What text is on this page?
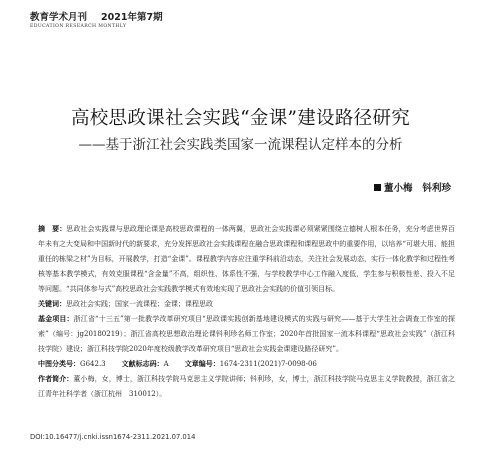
教育学术月刊 2021年第7期
EDUCATION RESEARCH MONTHLY
高校思政课社会实践“金课”建设路径研究
——基于浙江社会实践类国家一流课程认定样本的分析
董小梅 钭利珍

摘　要：思政社会实践课与思政理论课是高校思政课程的一体两翼，思政社会实践课必须紧紧围绕立德树人根本任务，充分考虑世界百年未有之大变局和中国新时代的新要求，充分发挥思政社会实践课程在融合思政课程和课程思政中的重要作用，以培养“可堪大用、能担重任的栋梁之材”为目标，开展教学，打造“金课”。课程教学内容应注重学科前沿动态，关注社会发展动态，实行一体化教学和过程性考核等基本教学模式，有效克服课程“含金量”不高，组织性、体系性不强，与学校教学中心工作融入度低，学生参与积极性差、投入不足等问题。“共同体参与式”高校思政社会实践教学模式有效地实现了思政社会实践的价值引领目标。

关键词：思政社会实践；国家一流课程；金课；课程思政

基金项目：浙江省“十三五”第一批教学改革研究项目“思政课实践创新基地建设模式的实践与研究——基于大学生社会调查工作室的探索”（编号：jg20180219）；浙江省高校思想政治理论课钭利珍名师工作室；2020年首批国家一流本科课程“思政社会实践”（浙江科技学院）建设；浙江科技学院2020年度校级教学改革研究项目“思政社会实践金课建设路径研究”。

中图分类号：G642.3 文献标志码：A 文章编号：1674-2311(2021)7-0098-06

作者简介：董小梅，女，博士，浙江科技学院马克思主义学院讲师；钭利珍，女，博士，浙江科技学院马克思主义学院教授，浙江省之江青年社科学者（浙江杭州　310012）。

DOI:10.16477/j.cnki.issn1674-2311.2021.07.014
